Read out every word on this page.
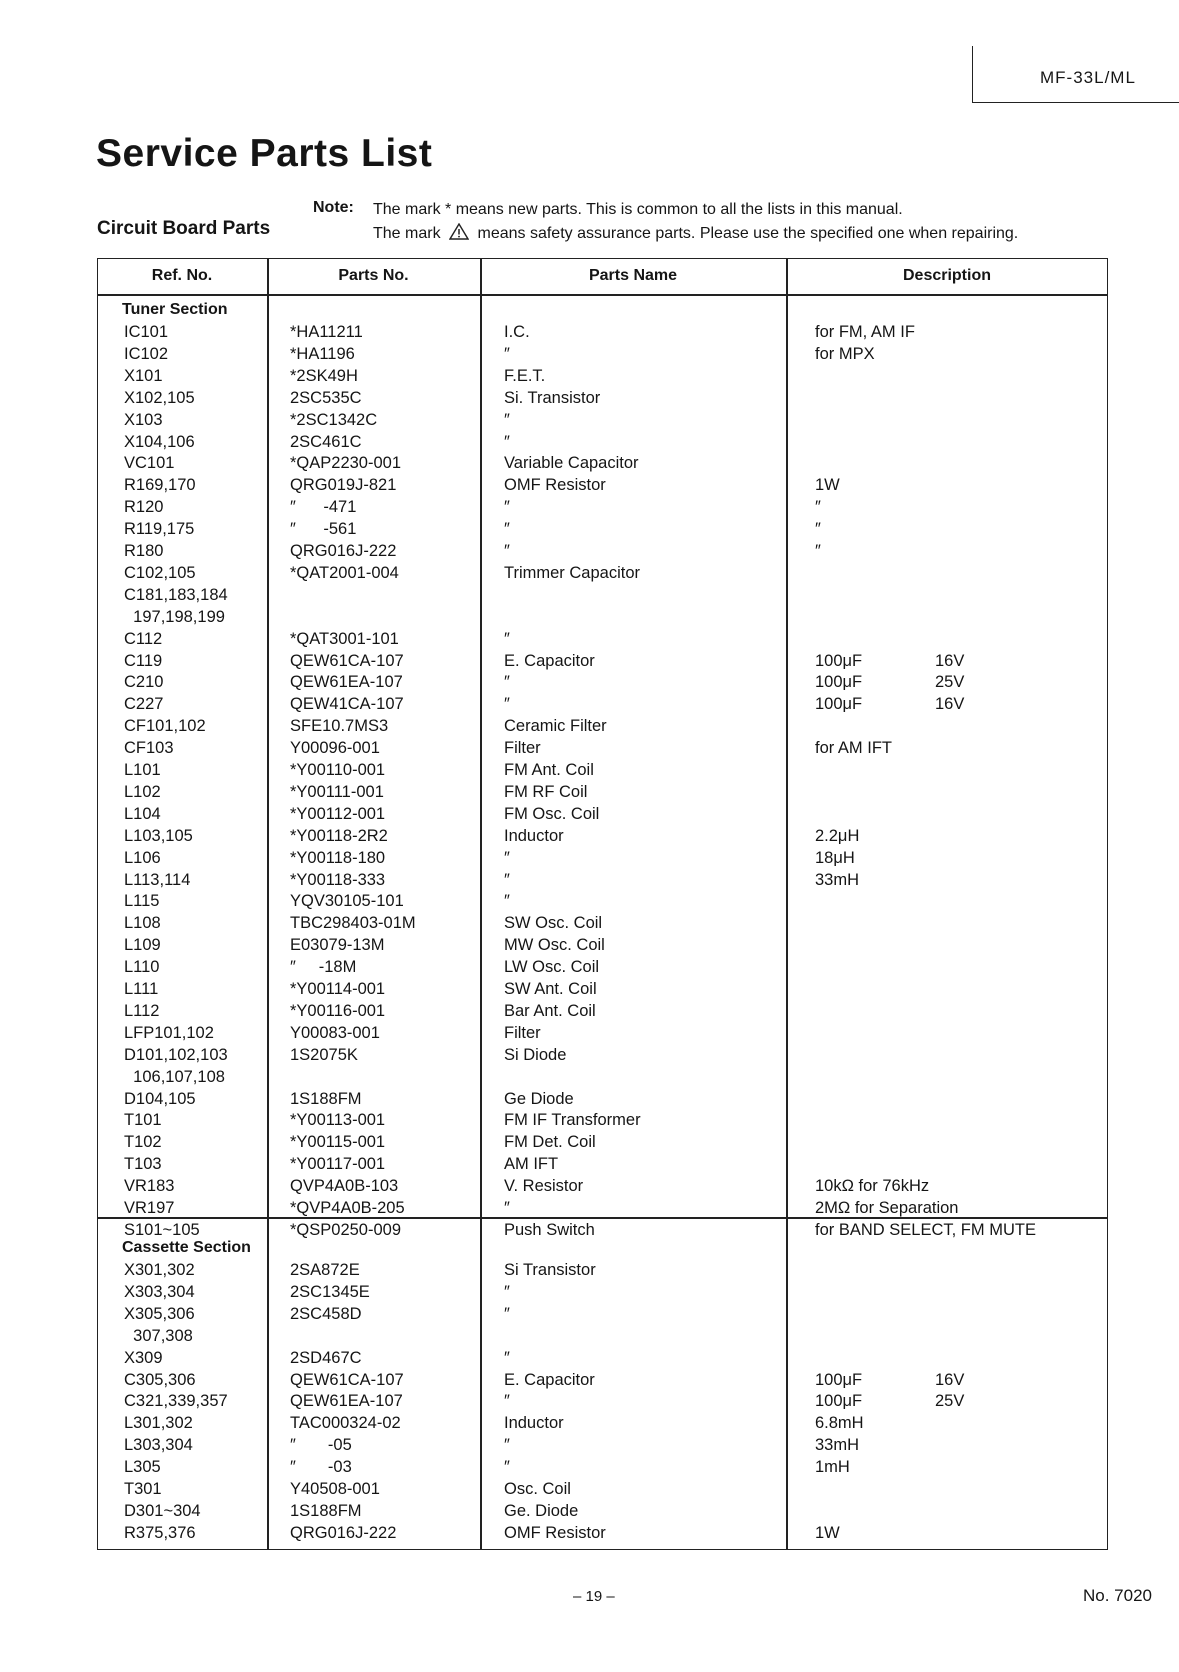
MF-33L/ML
Service Parts List
Circuit Board Parts
Note: The mark * means new parts. This is common to all the lists in this manual.
The mark means safety assurance parts. Please use the specified one when repairing.
Ref. No.	Parts No.	Parts Name	Description
Tuner Section
IC101	*HA11211	I.C.	for FM, AM IF
IC102	*HA1196	″	for MPX
X101	*2SK49H	F.E.T.
X102,105	2SC535C	Si. Transistor
X103	*2SC1342C	″
X104,106	2SC461C	″
VC101	*QAP2230-001	Variable Capacitor
R169,170	QRG019J-821	OMF Resistor	1W
R120	″      -471	″	″
R119,175	″      -561	″	″
R180	QRG016J-222	″	″
C102,105	*QAT2001-004	Trimmer Capacitor
C181,183,184
197,198,199
C112	*QAT3001-101	″
C119	QEW61CA-107	E. Capacitor	100μF	16V
C210	QEW61EA-107	″	100μF	25V
C227	QEW41CA-107	″	100μF	16V
CF101,102	SFE10.7MS3	Ceramic Filter
CF103	Y00096-001	Filter	for AM IFT
L101	*Y00110-001	FM Ant. Coil
L102	*Y00111-001	FM RF Coil
L104	*Y00112-001	FM Osc. Coil
L103,105	*Y00118-2R2	Inductor	2.2μH
L106	*Y00118-180	″	18μH
L113,114	*Y00118-333	″	33mH
L115	YQV30105-101	″
L108	TBC298403-01M	SW Osc. Coil
L109	E03079-13M	MW Osc. Coil
L110	″     -18M	LW Osc. Coil
L111	*Y00114-001	SW Ant. Coil
L112	*Y00116-001	Bar Ant. Coil
LFP101,102	Y00083-001	Filter
D101,102,103	1S2075K	Si Diode
106,107,108
D104,105	1S188FM	Ge Diode
T101	*Y00113-001	FM IF Transformer
T102	*Y00115-001	FM Det. Coil
T103	*Y00117-001	AM IFT
VR183	QVP4A0B-103	V. Resistor	10kΩ for 76kHz
VR197	*QVP4A0B-205	″	2MΩ for Separation
S101~105	*QSP0250-009	Push Switch	for BAND SELECT, FM MUTE
Cassette Section
X301,302	2SA872E	Si Transistor
X303,304	2SC1345E	″
X305,306	2SC458D	″
307,308
X309	2SD467C	″
C305,306	QEW61CA-107	E. Capacitor	100μF	16V
C321,339,357	QEW61EA-107	″	100μF	25V
L301,302	TAC000324-02	Inductor	6.8mH
L303,304	″       -05	″	33mH
L305	″       -03	″	1mH
T301	Y40508-001	Osc. Coil
D301~304	1S188FM	Ge. Diode
R375,376	QRG016J-222	OMF Resistor	1W
– 19 –	No. 7020
